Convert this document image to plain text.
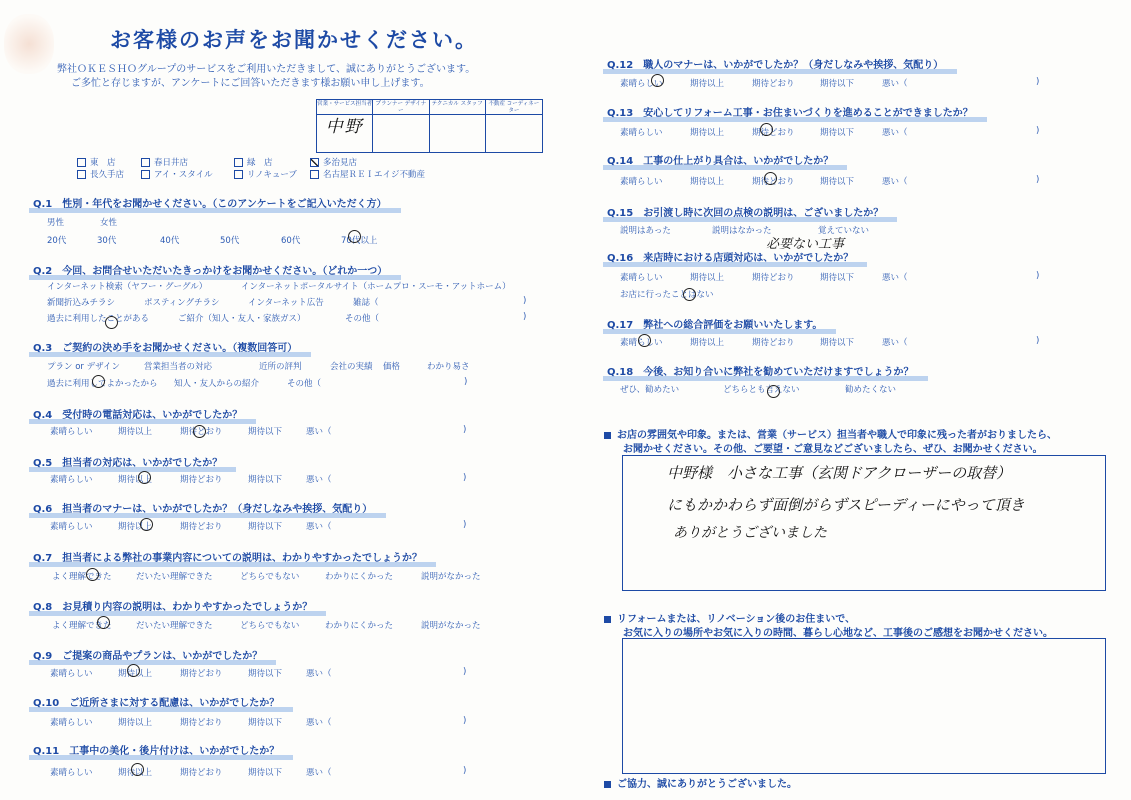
お客様のお声をお聞かせください。
弊社ＯＫＥＳＨＯグループのサービスをご利用いただきまして、誠にありがとうございます。
ご多忙と存じますが、アンケートにご回答いただきます様お願い申し上げます。
営業・サービス担当者 プランナー デザイナー
テクニカル スタッフ	不動産 コーディネーター
中野
東　店	春日井店	緑　店	多治見店
長久手店	アイ・スタイル	リノキューブ	名古屋ＲＥＩエイジ不動産
Q.1　性別・年代をお聞かせください。（このアンケートをご記入いただく方）
男性	女性
20代	30代	40代	50代	60代	70代以上
Q.2　今回、お問合せいただいたきっかけをお聞かせください。（どれか一つ）
インターネット検索（ヤフー・グーグル）	インターネットポータルサイト（ホームプロ・スーモ・アットホーム）
新聞折込みチラシ	ポスティングチラシ	インターネット広告	雑誌（	)
過去に利用したことがある	ご紹介（知人・友人・家族ガス）	その他（	)
Q.3　ご契約の決め手をお聞かせください。（複数回答可）
プラン or デザイン	営業担当者の対応	近所の評判	会社の実績 価格	わかり易さ
過去に利用してよかったから 知人・友人からの紹介	その他（	)
Q.4　受付時の電話対応は、いかがでしたか？
素晴らしい	期待以上	期待どおり	期待以下	悪い（	)
Q.5　担当者の対応は、いかがでしたか？
素晴らしい	期待以上	期待どおり	期待以下	悪い（	)
Q.6　担当者のマナーは、いかがでしたか？（身だしなみや挨拶、気配り）
素晴らしい	期待以上	期待どおり	期待以下	悪い（	)
Q.7　担当者による弊社の事業内容についての説明は、わかりやすかったでしょうか？
よく理解できた	だいたい理解できた	どちらでもない	わかりにくかった	説明がなかった
Q.8　お見積り内容の説明は、わかりやすかったでしょうか？
よく理解できた	だいたい理解できた	どちらでもない	わかりにくかった	説明がなかった
Q.9　ご提案の商品やプランは、いかがでしたか？
素晴らしい	期待以上	期待どおり	期待以下	悪い（	)
Q.10　ご近所さまに対する配慮は、いかがでしたか？
素晴らしい	期待以上	期待どおり	期待以下	悪い（	)
Q.11　工事中の美化・後片付けは、いかがでしたか？
素晴らしい	期待以上	期待どおり	期待以下	悪い（	)
Q.12　職人のマナーは、いかがでしたか？（身だしなみや挨拶、気配り）
素晴らしい	期待以上	期待どおり	期待以下	悪い（	)
Q.13　安心してリフォーム工事・お住まいづくりを進めることができましたか？
素晴らしい	期待以上	期待どおり	期待以下	悪い（	)
Q.14　工事の仕上がり具合は、いかがでしたか？
素晴らしい	期待以上	期待どおり	期待以下	悪い（	)
Q.15　お引渡し時に次回の点検の説明は、ございましたか？
説明はあった	説明はなかった	覚えていない
Q.16　来店時における店頭対応は、いかがでしたか？
素晴らしい	期待以上	期待どおり	期待以下	悪い（	)
お店に行ったことはない
Q.17　弊社への総合評価をお願いいたします。
素晴らしい	期待以上	期待どおり	期待以下	悪い（	)
Q.18　今後、お知り合いに弊社を勧めていただけますでしょうか？
ぜひ、勧めたい	どちらとも言えない	勧めたくない
必要ない工事
お店の雰囲気や印象。または、営業（サービス）担当者や職人で印象に残った者がおりましたら、
お聞かせください。その他、ご要望・ご意見などございましたら、ぜひ、お聞かせください。
中野様　小さな工事（玄関ドアクローザーの取替）
にもかかわらず面倒がらずスピーディーにやって頂き
ありがとうございました
リフォームまたは、リノベーション後のお住まいで、
お気に入りの場所やお気に入りの時間、暮らし心地など、工事後のご感想をお聞かせください。
ご協力、誠にありがとうございました。
